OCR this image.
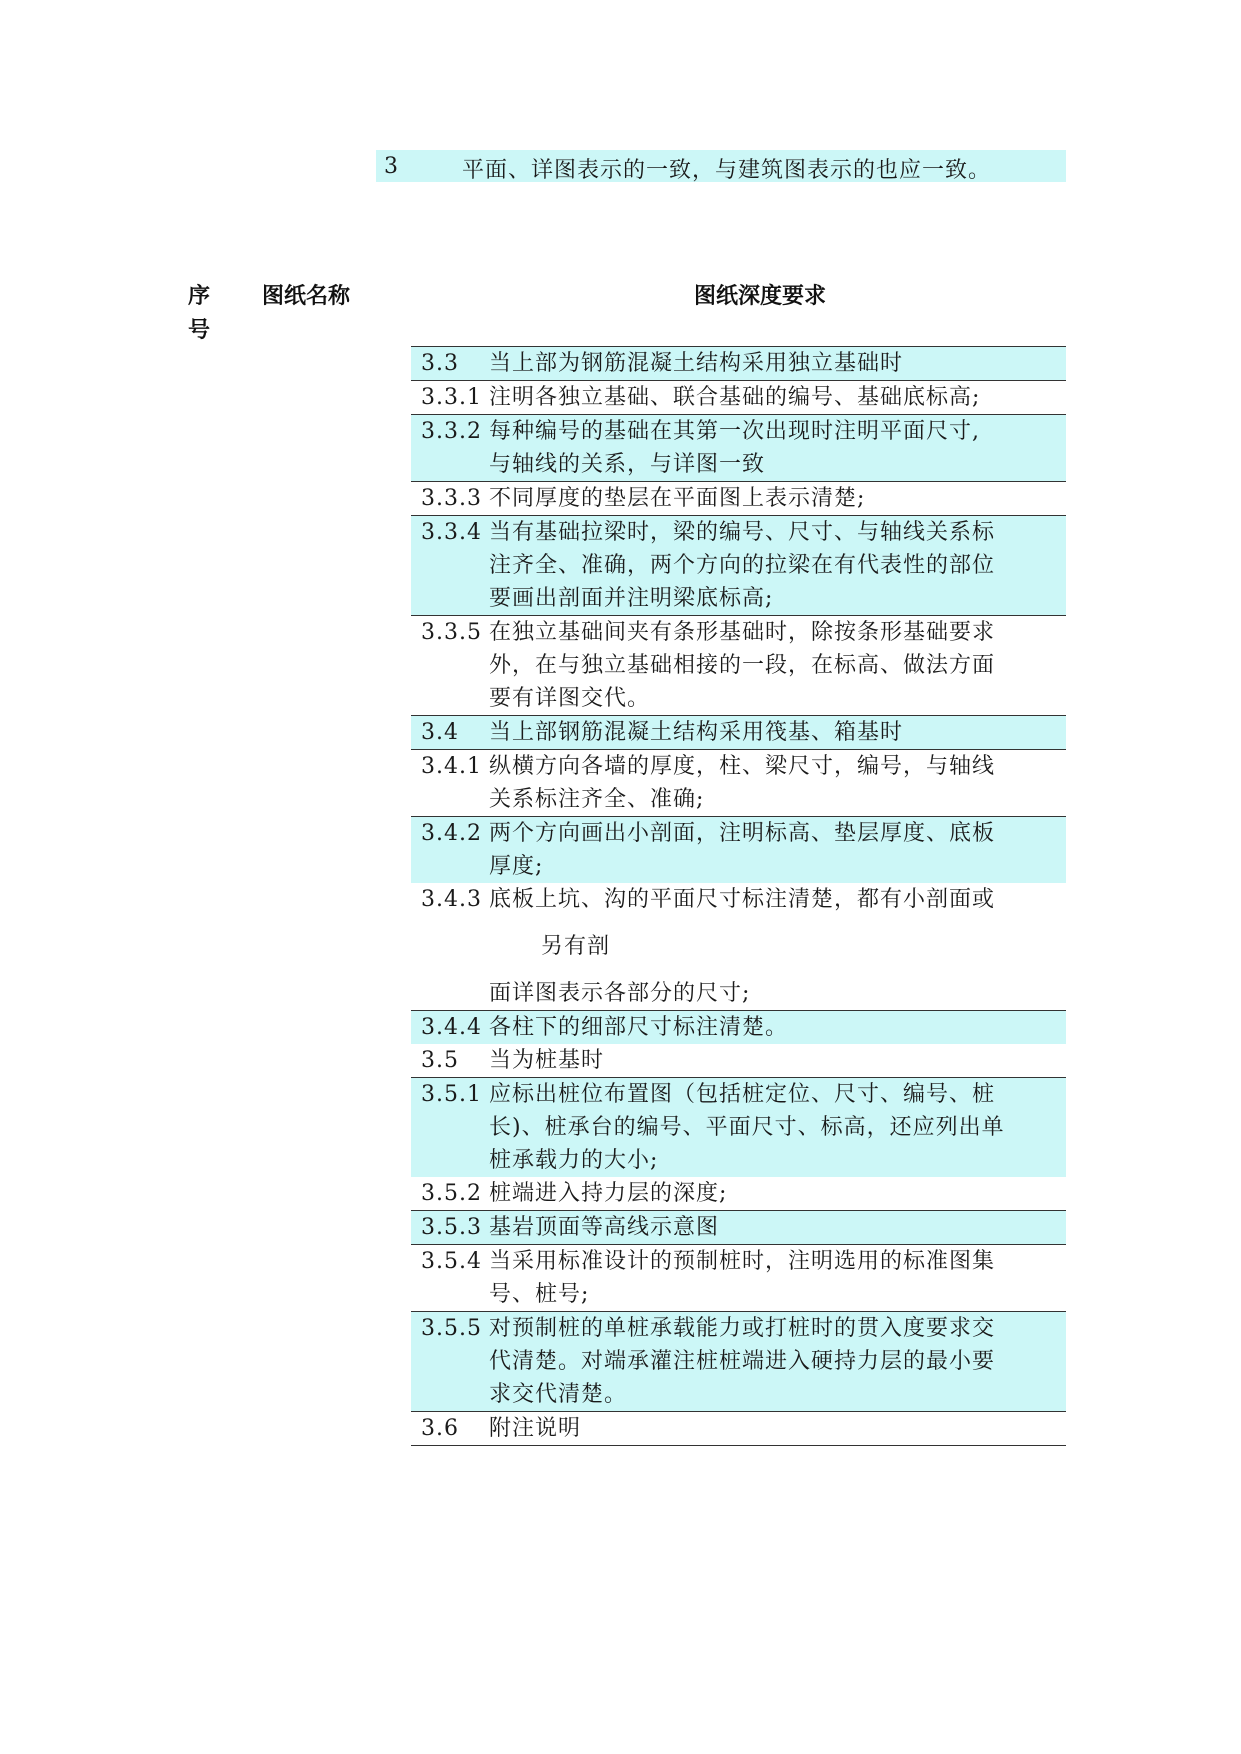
3	平面、详图表示的一致，与建筑图表示的也应一致。
序号
图纸名称	图纸深度要求
3.3	当上部为钢筋混凝土结构采用独立基础时
3.3.1 注明各独立基础、联合基础的编号、基础底标高;
3.3.2 每种编号的基础在其第一次出现时注明平面尺寸,
与轴线的关系，与详图一致
3.3.3 不同厚度的垫层在平面图上表示清楚;
3.3.4 当有基础拉梁时，梁的编号、尺寸、与轴线关系标
注齐全、准确，两个方向的拉梁在有代表性的部位
要画出剖面并注明梁底标高;
3.3.5 在独立基础间夹有条形基础时，除按条形基础要求
外，在与独立基础相接的一段，在标高、做法方面
要有详图交代。
3.4	当上部钢筋混凝土结构采用筏基、箱基时
3.4.1 纵横方向各墙的厚度，柱、梁尺寸，编号，与轴线
关系标注齐全、准确;
3.4.2 两个方向画出小剖面，注明标高、垫层厚度、底板
厚度;
3.4.3 底板上坑、沟的平面尺寸标注清楚，都有小剖面或
另有剖
面详图表示各部分的尺寸;
3.4.4 各柱下的细部尺寸标注清楚。
3.5	当为桩基时
3.5.1 应标出桩位布置图（包括桩定位、尺寸、编号、桩
长)、桩承台的编号、平面尺寸、标高，还应列出单
桩承载力的大小;
3.5.2 桩端进入持力层的深度;
3.5.3 基岩顶面等高线示意图
3.5.4 当采用标准设计的预制桩时，注明选用的标准图集
号、桩号;
3.5.5 对预制桩的单桩承载能力或打桩时的贯入度要求交
代清楚。对端承灌注桩桩端进入硬持力层的最小要
求交代清楚。
3.6	附注说明
